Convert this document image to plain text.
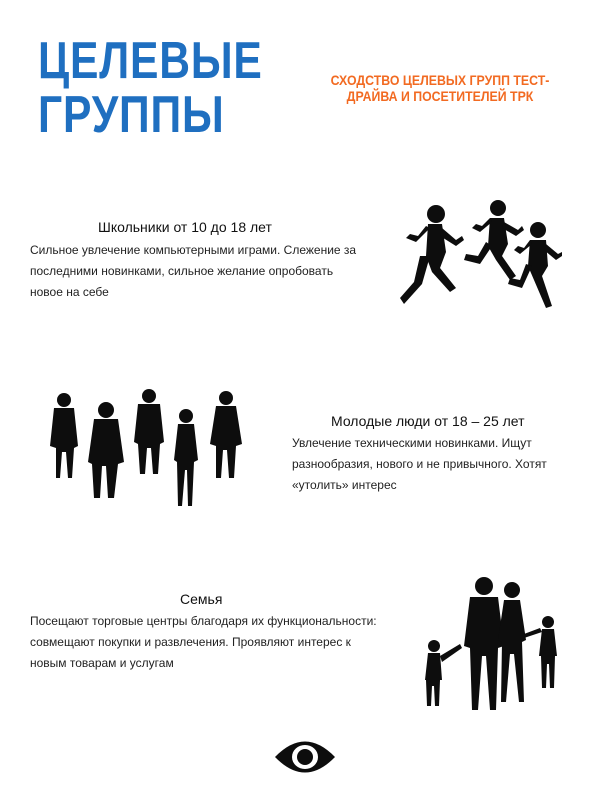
ЦЕЛЕВЫЕ
ГРУППЫ
СХОДСТВО ЦЕЛЕВЫХ ГРУПП ТЕСТ-ДРАЙВА И ПОСЕТИТЕЛЕЙ ТРК
Школьники от 10 до 18 лет
Сильное увлечение компьютерными играми. Слежение за последними новинками, сильное желание опробовать новое на себе
Молодые люди от 18 – 25 лет
Увлечение техническими новинками. Ищут разнообразия, нового и не привычного. Хотят «утолить» интерес
Семья
Посещают торговые центры благодаря их функциональности: совмещают покупки и развлечения. Проявляют интерес к новым товарам и услугам
